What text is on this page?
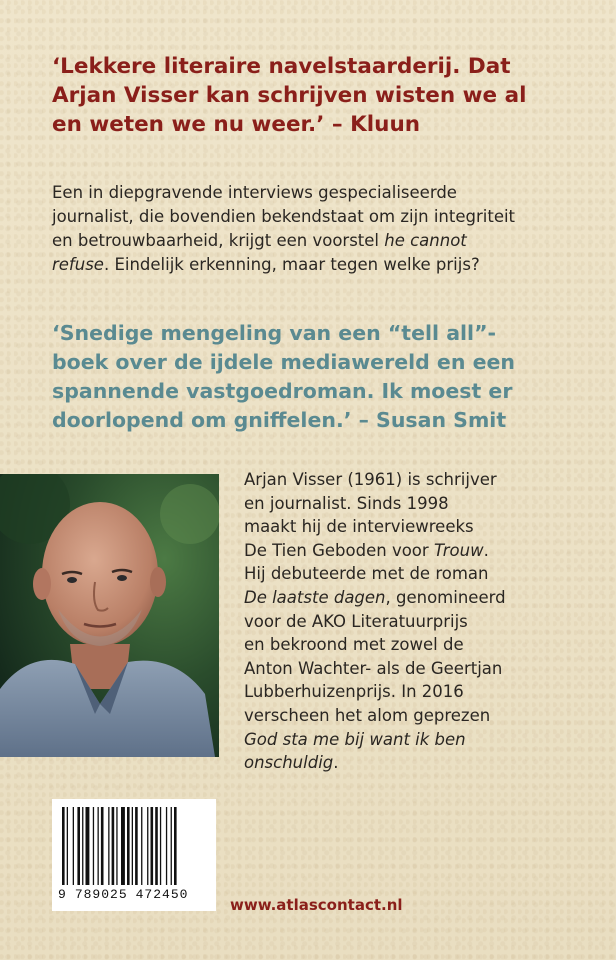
‘Lekkere literaire navelstaarderij. Dat
Arjan Visser kan schrijven wisten we al
en weten we nu weer.’ – Kluun

Een in diepgravende interviews gespecialiseerde
journalist, die bovendien bekendstaat om zijn integriteit
en betrouwbaarheid, krijgt een voorstel he cannot
refuse. Eindelijk erkenning, maar tegen welke prijs?

‘Snedige mengeling van een “tell all”-
boek over de ijdele mediawereld en een
spannende vastgoedroman. Ik moest er
doorlopend om gniffelen.’ – Susan Smit

Arjan Visser (1961) is schrijver
en journalist. Sinds 1998
maakt hij de interviewreeks
De Tien Geboden voor Trouw.
Hij debuteerde met de roman
De laatste dagen, genomineerd
voor de AKO Literatuurprijs
en bekroond met zowel de
Anton Wachter- als de Geertjan
Lubberhuizenprijs. In 2016
verscheen het alom geprezen
God sta me bij want ik ben
onschuldig.

9 789025 472450
www.atlascontact.nl
